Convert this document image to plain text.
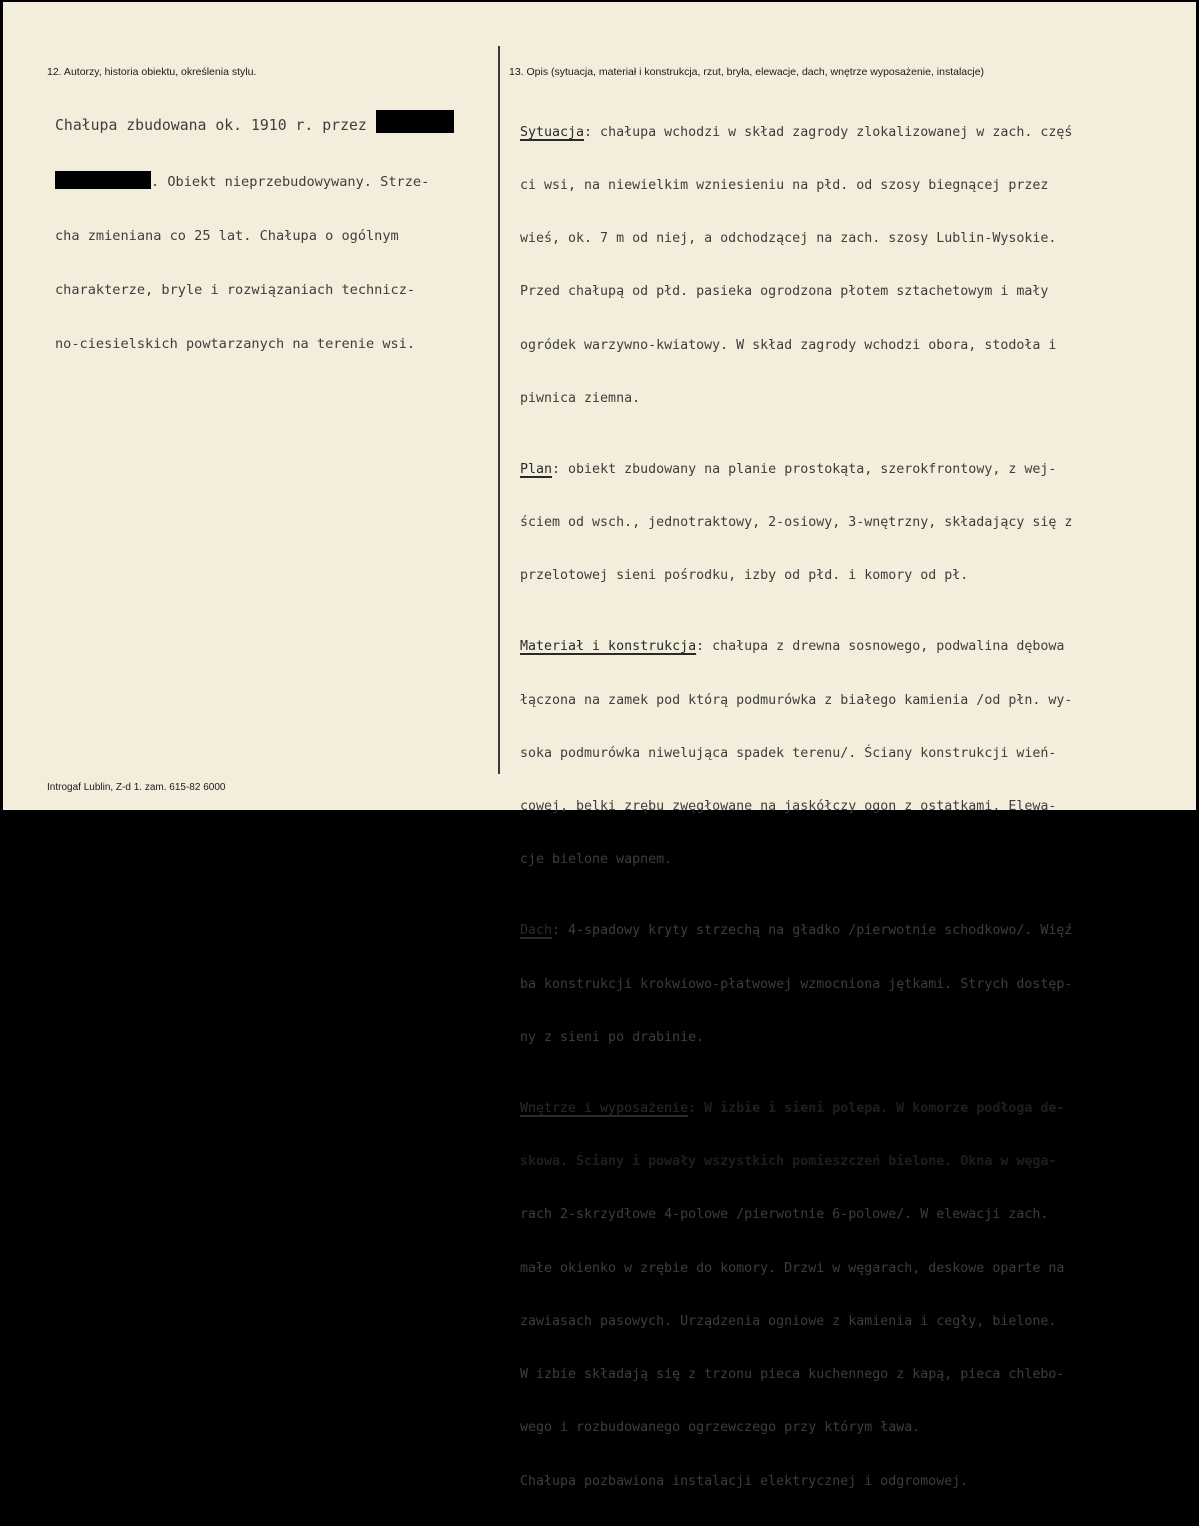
12. Autorzy, historia obiektu, określenia stylu.	13. Opis (sytuacja, materiał i konstrukcja, rzut, bryła, elewacje, dach, wnętrze wyposażenie, instalacje)

Chałupa zbudowana ok. 1910 r. przez

. Obiekt nieprzebudowywany. Strze-

cha zmieniana co 25 lat. Chałupa o ogólnym

charakterze, bryle i rozwiązaniach technicz-

no-ciesielskich powtarzanych na terenie wsi.

Sytuacja: chałupa wchodzi w skład zagrody zlokalizowanej w zach. częś

ci wsi, na niewielkim wzniesieniu na płd. od szosy biegnącej przez

wieś, ok. 7 m od niej, a odchodzącej na zach. szosy Lublin-Wysokie.

Przed chałupą od płd. pasieka ogrodzona płotem sztachetowym i mały

ogródek warzywno-kwiatowy. W skład zagrody wchodzi obora, stodoła i

piwnica ziemna.

Plan: obiekt zbudowany na planie prostokąta, szerokfrontowy, z wej-

ściem od wsch., jednotraktowy, 2-osiowy, 3-wnętrzny, składający się z

przelotowej sieni pośrodku, izby od płd. i komory od pł.

Materiał i konstrukcja: chałupa z drewna sosnowego, podwalina dębowa

łączona na zamek pod którą podmurówka z białego kamienia /od płn. wy-

soka podmurówka niwelująca spadek terenu/. Ściany konstrukcji wień-

cowej, belki zrębu zwęgłowane na jaskółczy ogon z ostatkami. Elewa-

cje bielone wapnem.

Dach: 4-spadowy kryty strzechą na gładko /pierwotnie schodkowo/. Więź

ba konstrukcji krokwiowo-płatwowej wzmocniona jętkami. Strych dostęp-

ny z sieni po drabinie.

Wnętrze i wyposażenie: W izbie i sieni polepa. W komorze podłoga de-

skowa. Ściany i powały wszystkich pomieszczeń bielone. Okna w węga-

rach 2-skrzydłowe 4-polowe /pierwotnie 6-polowe/. W elewacji zach.

małe okienko w zrębie do komory. Drzwi w węgarach, deskowe oparte na

zawiasach pasowych. Urządzenia ogniowe z kamienia i cegły, bielone.

W izbie składają się z trzonu pieca kuchennego z kapą, pieca chlebo-

wego i rozbudowanego ogrzewczego przy którym ława.

Chałupa pozbawiona instalacji elektrycznej i odgromowej.

Introgaf Lublin, Z-d 1. zam. 615-82 6000
